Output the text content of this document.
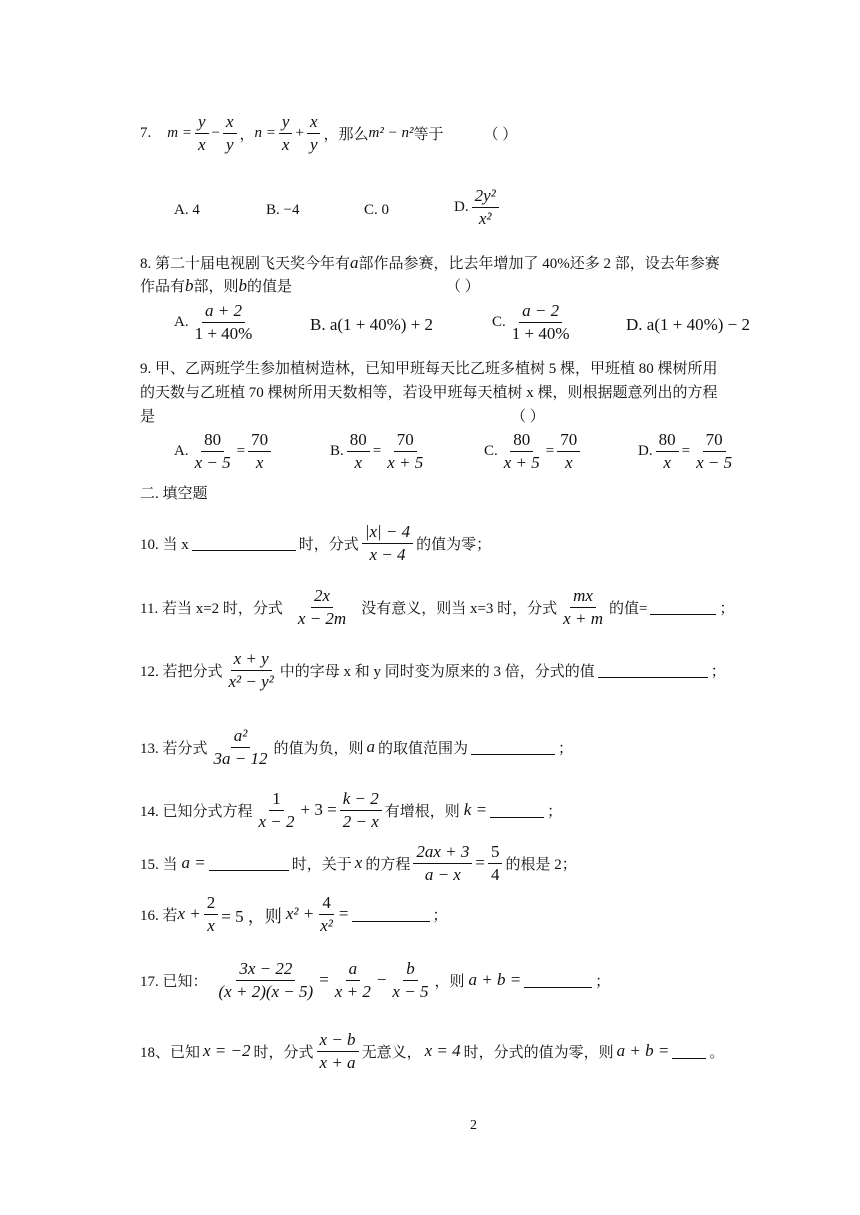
7. $m = \frac{y}{x} - \frac{x}{y}$ ， $n = \frac{y}{x} + \frac{x}{y}$ ，那么 m² − n² 等于	（ ）
A. 4	B. −4	C. 0	D. $\frac{\text{2y²}}{\text{x²}}$
8. 第二十届电视剧飞天奖今年有 a 部作品参赛，比去年增加了 40%还多 2 部，设去年参赛
作品有 b 部，则 b 的值是	（ ）
A. $\frac{a + 2}{1 + 40\%}$	B. a(1 + 40%) + 2	C. $\frac{a - 2}{1 + 40\%}$	D. a(1 + 40%) − 2
9. 甲、乙两班学生参加植树造林，已知甲班每天比乙班多植树 5 棵，甲班植 80 棵树所用
的天数与乙班植 70 棵树所用天数相等，若设甲班每天植树 x 棵，则根据题意列出的方程
是	（ ）
A. $\frac{80}{x - 5} = \frac{70}{x}$	B. $\frac{80}{x} = \frac{70}{x + 5}$	C. $\frac{80}{x + 5} = \frac{70}{x}$	D. $\frac{80}{x} = \frac{70}{x - 5}$
二. 填空题
10. 当 x	时，分式 $\frac{|x| - 4}{x - 4}$ 的值为零；
11. 若当 x=2 时，分式 $\frac{2x}{x - 2m}$ 没有意义，则当 x=3 时，分式 $\frac{mx}{x + m}$ 的值=	；
12. 若把分式 $\frac{x + y}{\text{x² − y²}}$ 中的字母 x 和 y 同时变为原来的 3 倍，分式的值	；
13. 若分式 $\frac{\text{a²}}{3a - 12}$ 的值为负，则 a 的取值范围为	；
14. 已知分式方程 $\frac{1}{x - 2} + 3 = \frac{k - 2}{2 - x}$ 有增根，则 k =	；
15. 当 a =	时，关于 x 的方程 $\frac{2ax + 3}{a - x} = \frac{5}{4}$ 的根是 2；
16. 若 $x + \frac{2}{x} = 5$ ，则 $x^2 + \frac{4}{\text{x²}}$ =	；
17. 已知： $\frac{3x - 22}{(x + 2)(x - 5)} = \frac{a}{x + 2} - \frac{b}{x - 5}$ ，则 a + b =	；
18、已知 x = −2 时，分式 $\frac{x - b}{x + a}$ 无意义， x = 4 时，分式的值为零，则 a + b =	。
2
